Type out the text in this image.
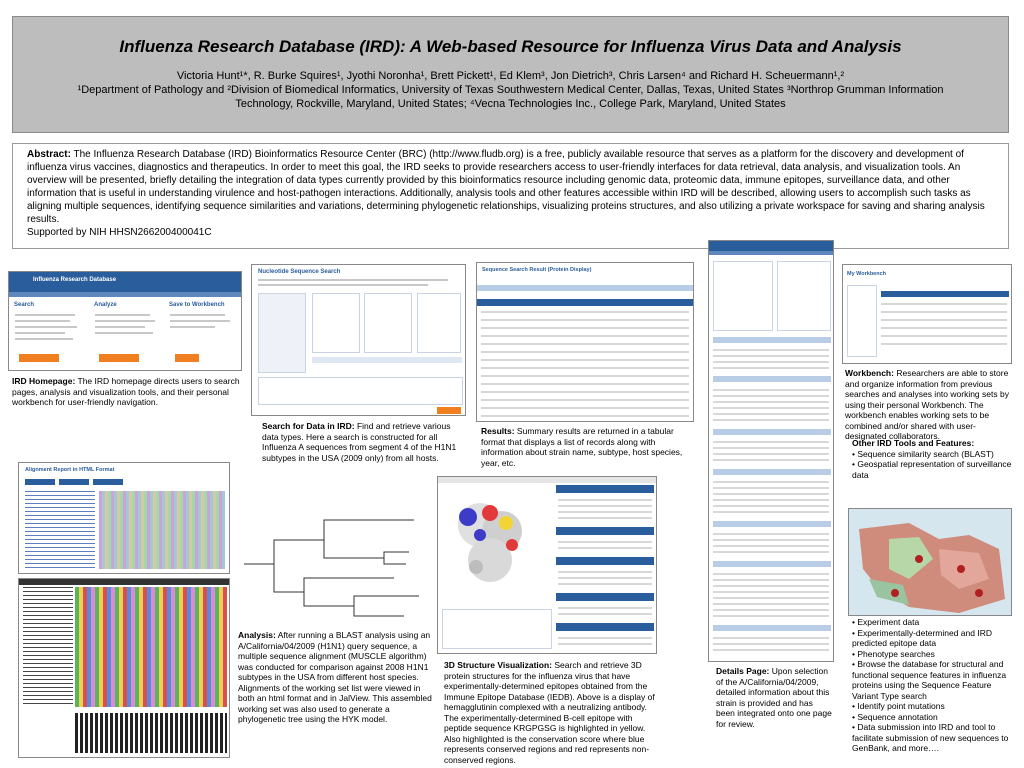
Influenza Research Database (IRD): A Web-based Resource for Influenza Virus Data and Analysis
Victoria Hunt¹*, R. Burke Squires¹, Jyothi Noronha¹, Brett Pickett¹, Ed Klem³, Jon Dietrich³, Chris Larsen⁴ and Richard H. Scheuermann¹,²
¹Department of Pathology and ²Division of Biomedical Informatics, University of Texas Southwestern Medical Center, Dallas, Texas, United States ³Northrop Grumman Information Technology, Rockville, Maryland, United States; ⁴Vecna Technologies Inc., College Park, Maryland, United States
Abstract: The Influenza Research Database (IRD) Bioinformatics Resource Center (BRC) (http://www.fludb.org) is a free, publicly available resource that serves as a platform for the discovery and development of influenza virus vaccines, diagnostics and therapeutics. In order to meet this goal, the IRD seeks to provide researchers access to user-friendly interfaces for data retrieval, data analysis, and visualization tools. An overview will be presented, briefly detailing the integration of data types currently provided by this bioinformatics resource including genomic data, proteomic data, immune epitopes, surveillance data, and other information that is useful in understanding virulence and host-pathogen interactions. Additionally, analysis tools and other features accessible within IRD will be described, allowing users to accomplish such tasks as aligning multiple sequences, identifying sequence similarities and variations, determining phylogenetic relationships, visualizing proteins structures, and also utilizing a private workspace for saving and sharing analysis results.
Supported by NIH HHSN266200400041C
Influenza Research Database
Search	Analyze	Save to Workbench
IRD Homepage: The IRD homepage directs users to search pages, analysis and visualization tools, and their personal workbench for user-friendly navigation.
Nucleotide Sequence Search
Search for Data in IRD: Find and retrieve various data types. Here a search is constructed for all Influenza A sequences from segment 4 of the H1N1 subtypes in the USA (2009 only) from all hosts.
Sequence Search Result (Protein Display)
Results: Summary results are returned in a tabular format that displays a list of records along with information about strain name, subtype, host species, year, etc.
Details Page: Upon selection of the A/California/04/2009, detailed information about this strain is provided and has been integrated onto one page for review.
My Workbench
Workbench: Researchers are able to store and organize information from previous searches and analyses into working sets by using their personal Workbench. The workbench enables working sets to be combined and/or shared with user-designated collaborators.
Other IRD Tools and Features:
• Sequence similarity search (BLAST)
• Geospatial representation of surveillance data
• Experiment data
• Experimentally-determined and IRD predicted epitope data
• Phenotype searches
• Browse the database for structural and functional sequence features in influenza proteins using the Sequence Feature Variant Type search
• Identify point mutations
• Sequence annotation
• Data submission into IRD and tool to facilitate submission of new sequences to GenBank, and more….
Alignment Report in HTML Format
Analysis: After running a BLAST analysis using an A/California/04/2009 (H1N1) query sequence, a multiple sequence alignment (MUSCLE algorithm) was conducted for comparison against 2008 H1N1 subtypes in the USA from different host species. Alignments of the working set list were viewed in both an html format and in JalView. This assembled working set was also used to generate a phylogenetic tree using the HYK model.
3D Structure Visualization: Search and retrieve 3D protein structures for the influenza virus that have experimentally-determined epitopes obtained from the Immune Epitope Database (IEDB). Above is a display of hemagglutinin complexed with a neutralizing antibody. The experimentally-determined B-cell epitope with peptide sequence KRGPGSG is highlighted in yellow. Also highlighted is the conservation score where blue represents conserved regions and red represents non-conserved regions.
